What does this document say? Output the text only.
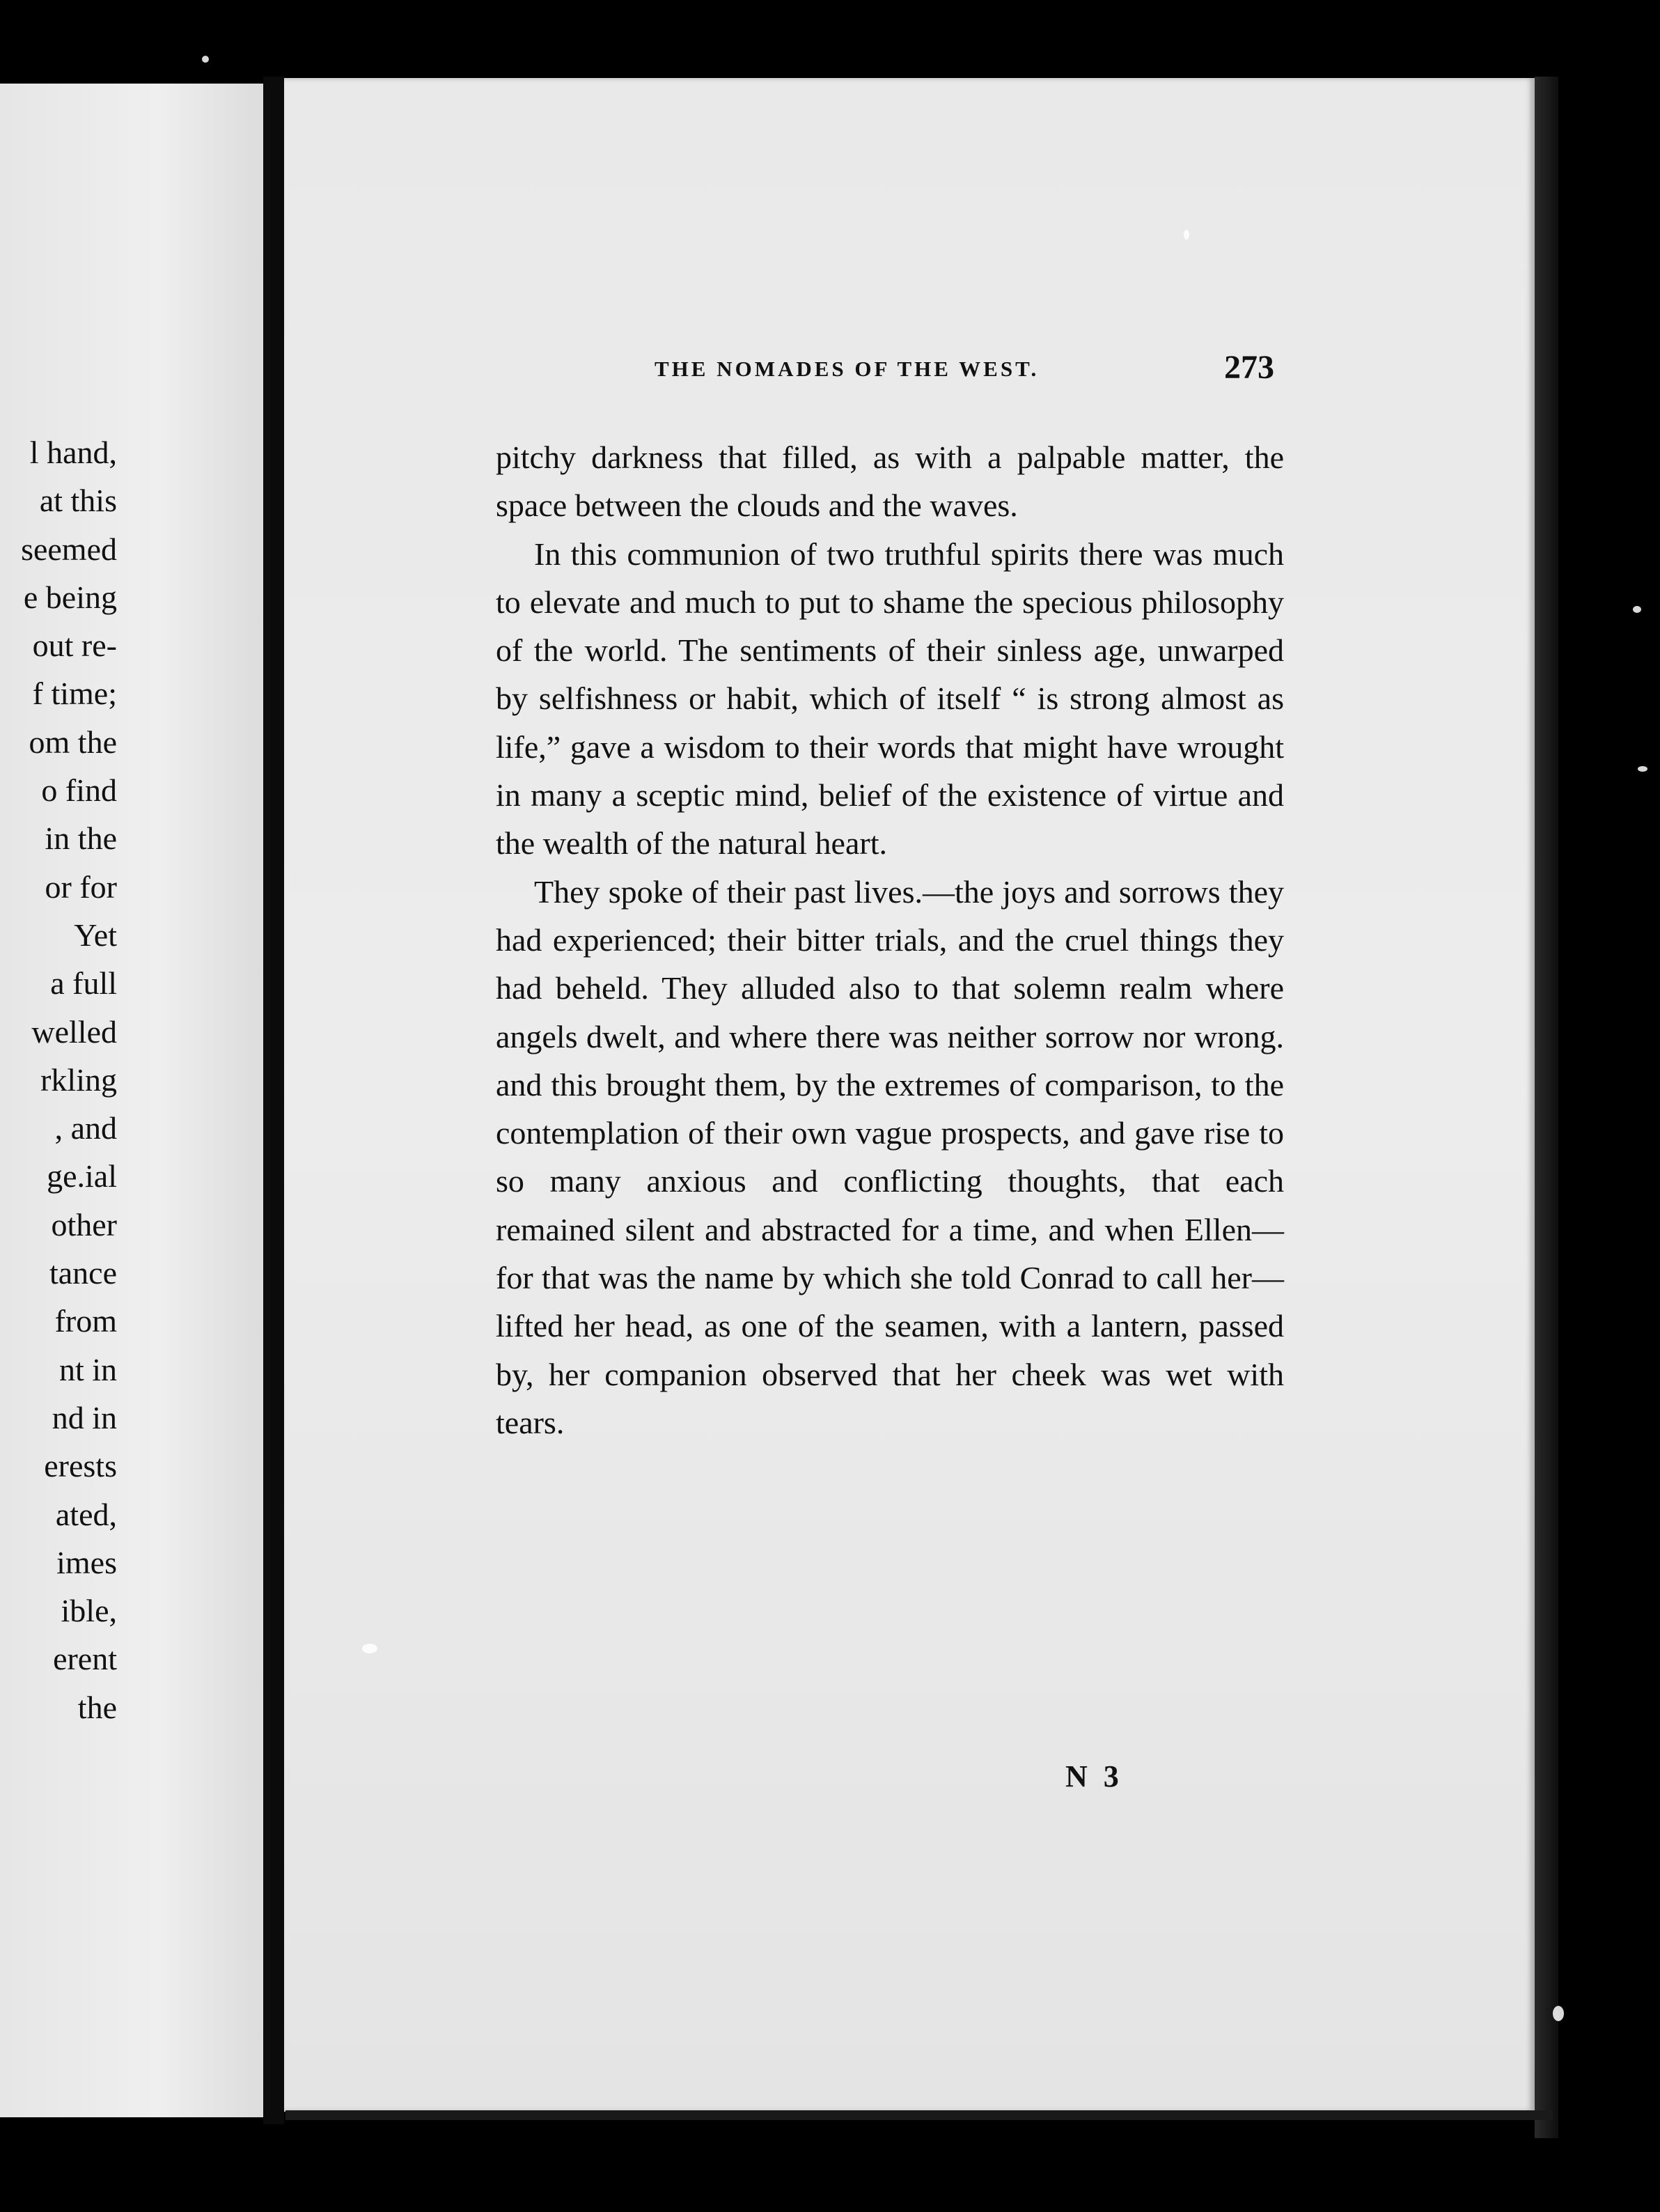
l hand,
at this
seemed
e being
out re-
f time;
om the
o find
in the
or for
Yet
a full
welled
rkling
, and
ge.ial
other
tance
from
nt in
nd in
erests
ated,
imes
ible,
erent
the
THE NOMADES OF THE WEST.	273

pitchy darkness that filled, as with a palpable matter, the space between the clouds and the waves.

In this communion of two truthful spirits there was much to elevate and much to put to shame the specious philosophy of the world. The sentiments of their sinless age, unwarped by selfishness or habit, which of itself “ is strong almost as life,” gave a wisdom to their words that might have wrought in many a sceptic mind, belief of the existence of virtue and the wealth of the natural heart.

They spoke of their past lives.—the joys and sorrows they had experienced; their bitter trials, and the cruel things they had beheld. They alluded also to that solemn realm where angels dwelt, and where there was neither sorrow nor wrong. and this brought them, by the extremes of comparison, to the contemplation of their own vague prospects, and gave rise to so many anxious and conflicting thoughts, that each remained silent and abstracted for a time, and when Ellen— for that was the name by which she told Conrad to call her—lifted her head, as one of the seamen, with a lantern, passed by, her companion observed that her cheek was wet with tears.

N 3
